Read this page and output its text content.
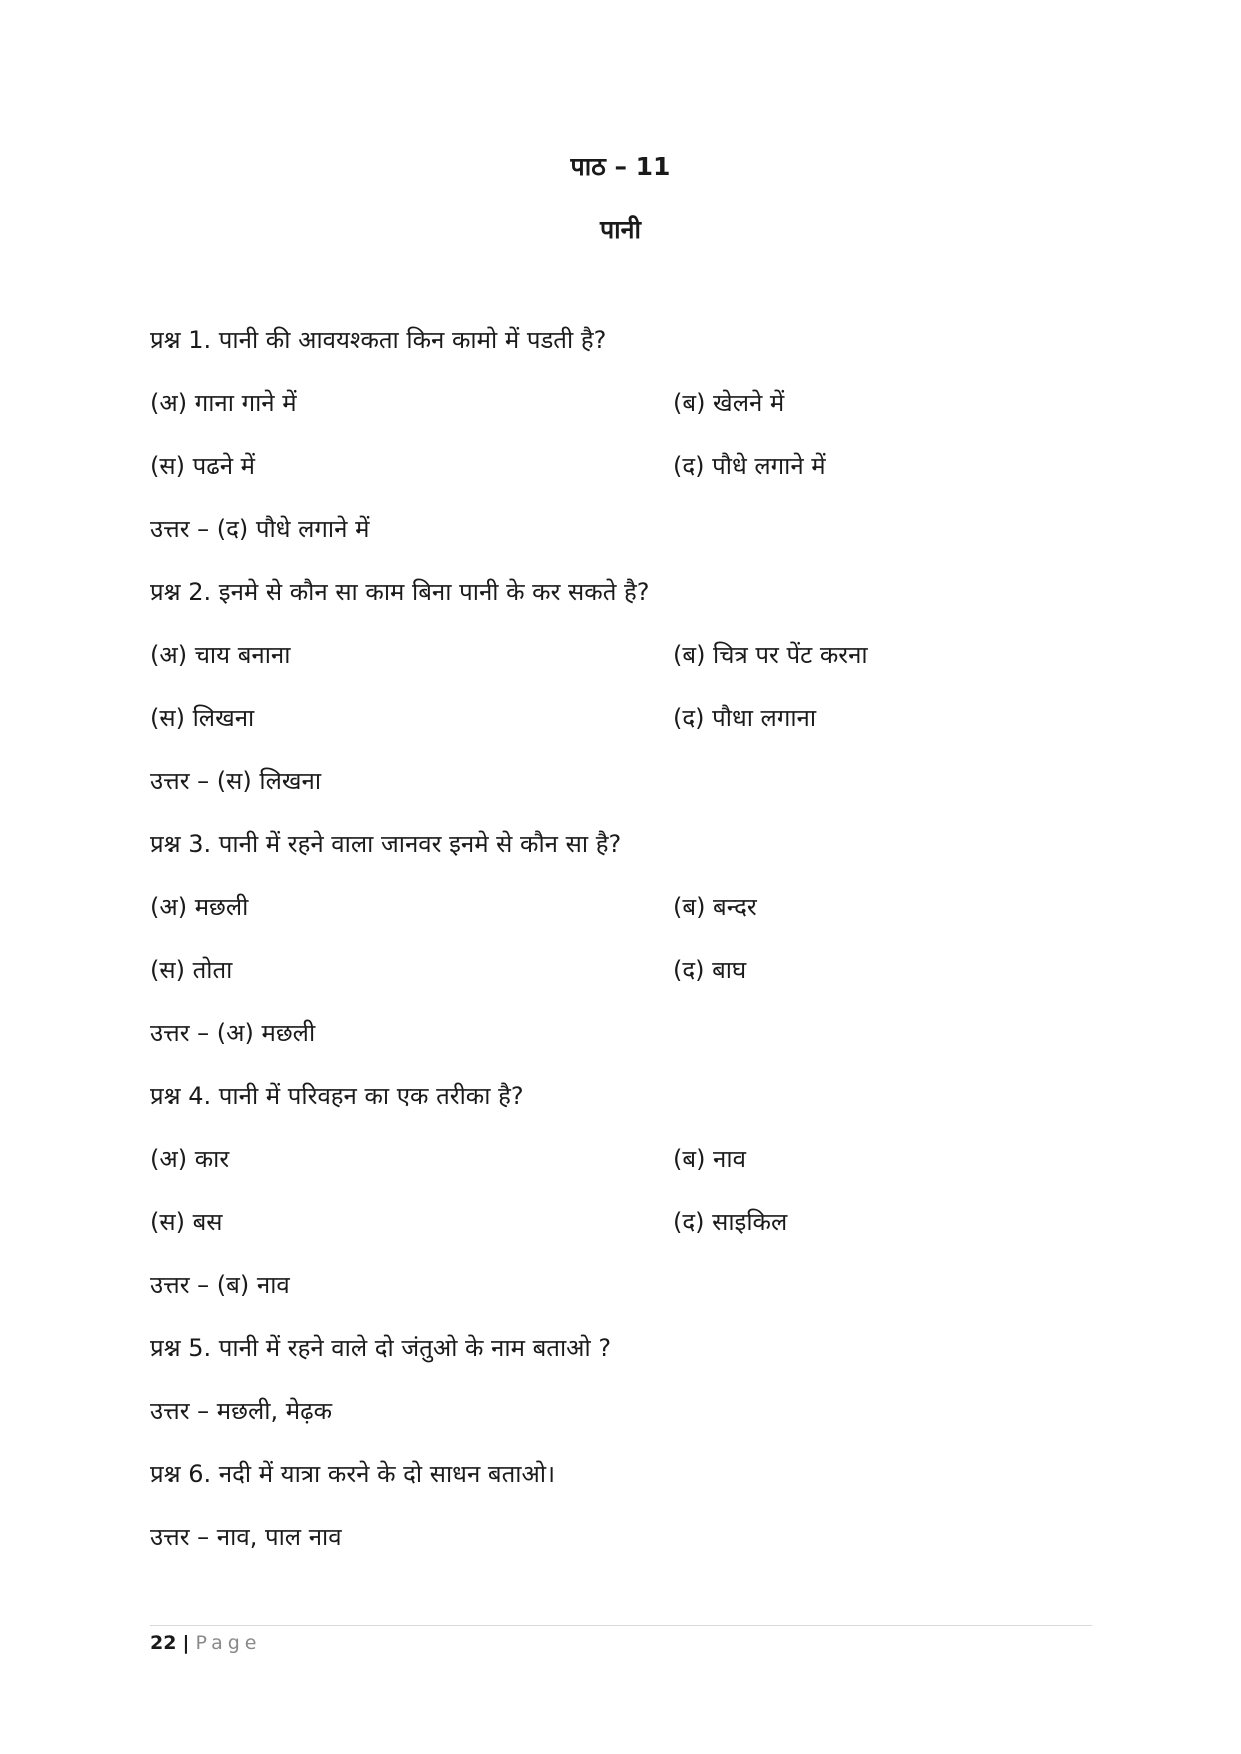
पाठ – 11
पानी
प्रश्न 1. पानी की आवयश्कता किन कामो में पडती है?
(अ) गाना गाने में	(ब) खेलने में
(स) पढने में	(द) पौधे लगाने में
उत्तर – (द) पौधे लगाने में
प्रश्न 2. इनमे से कौन सा काम बिना पानी के कर सकते है?
(अ) चाय बनाना	(ब) चित्र पर पेंट करना
(स) लिखना	(द) पौधा लगाना
उत्तर – (स) लिखना
प्रश्न 3. पानी में रहने वाला जानवर इनमे से कौन सा है?
(अ) मछली	(ब) बन्दर
(स) तोता	(द) बाघ
उत्तर – (अ) मछली
प्रश्न 4. पानी में परिवहन का एक तरीका है?
(अ) कार	(ब) नाव
(स) बस	(द) साइकिल
उत्तर – (ब) नाव
प्रश्न 5. पानी में रहने वाले दो जंतुओ के नाम बताओ ?
उत्तर – मछली, मेढ़क
प्रश्न 6. नदी में यात्रा करने के दो साधन बताओ।
उत्तर – नाव, पाल नाव
22 | Page
